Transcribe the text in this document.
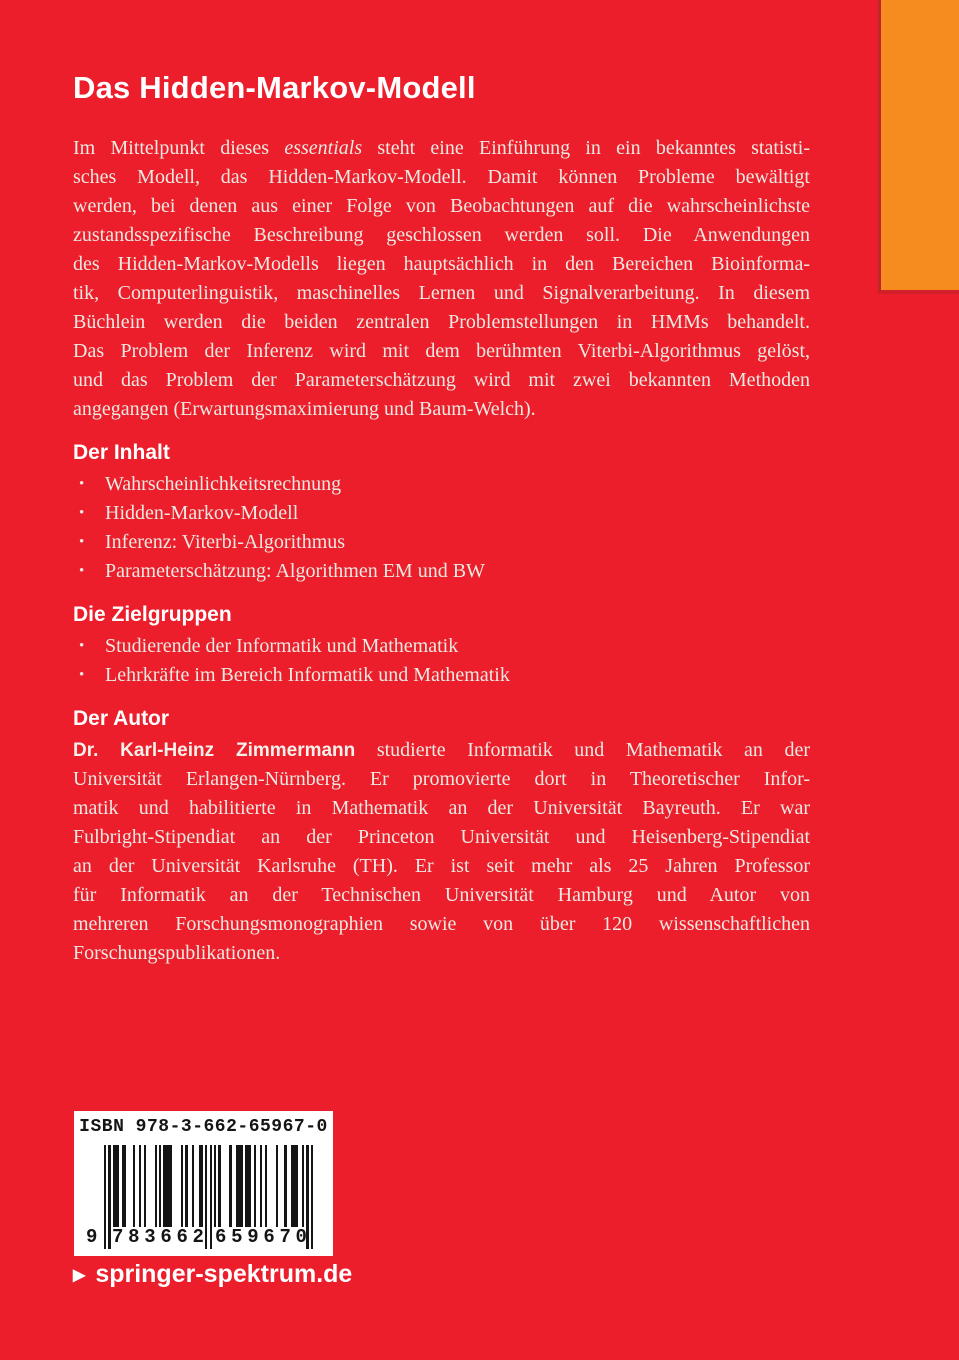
Das Hidden-Markov-Modell
Im Mittelpunkt dieses essentials steht eine Einführung in ein bekanntes statisti-
sches Modell, das Hidden-Markov-Modell. Damit können Probleme bewältigt
werden, bei denen aus einer Folge von Beobachtungen auf die wahrscheinlichste
zustandsspezifische Beschreibung geschlossen werden soll. Die Anwendungen
des Hidden-Markov-Modells liegen hauptsächlich in den Bereichen Bioinforma-
tik, Computerlinguistik, maschinelles Lernen und Signalverarbeitung. In diesem
Büchlein werden die beiden zentralen Problemstellungen in HMMs behandelt.
Das Problem der Inferenz wird mit dem berühmten Viterbi-Algorithmus gelöst,
und das Problem der Parameterschätzung wird mit zwei bekannten Methoden
angegangen (Erwartungsmaximierung und Baum-Welch).
Der Inhalt
•	Wahrscheinlichkeitsrechnung
•	Hidden-Markov-Modell
•	Inferenz: Viterbi-Algorithmus
•	Parameterschätzung: Algorithmen EM und BW
Die Zielgruppen
•	Studierende der Informatik und Mathematik
•	Lehrkräfte im Bereich Informatik und Mathematik
Der Autor
Dr. Karl-Heinz Zimmermann studierte Informatik und Mathematik an der
Universität Erlangen-Nürnberg. Er promovierte dort in Theoretischer Infor-
matik und habilitierte in Mathematik an der Universität Bayreuth. Er war
Fulbright-Stipendiat an der Princeton Universität und Heisenberg-Stipendiat
an der Universität Karlsruhe (TH). Er ist seit mehr als 25 Jahren Professor
für Informatik an der Technischen Universität Hamburg und Autor von
mehreren Forschungsmonographien sowie von über 120 wissenschaftlichen
Forschungspublikationen.
ISBN 978-3-662-65967-0
9 7 8 3 6 6 2 6 5 9 6 7 0
▶ springer-spektrum.de
